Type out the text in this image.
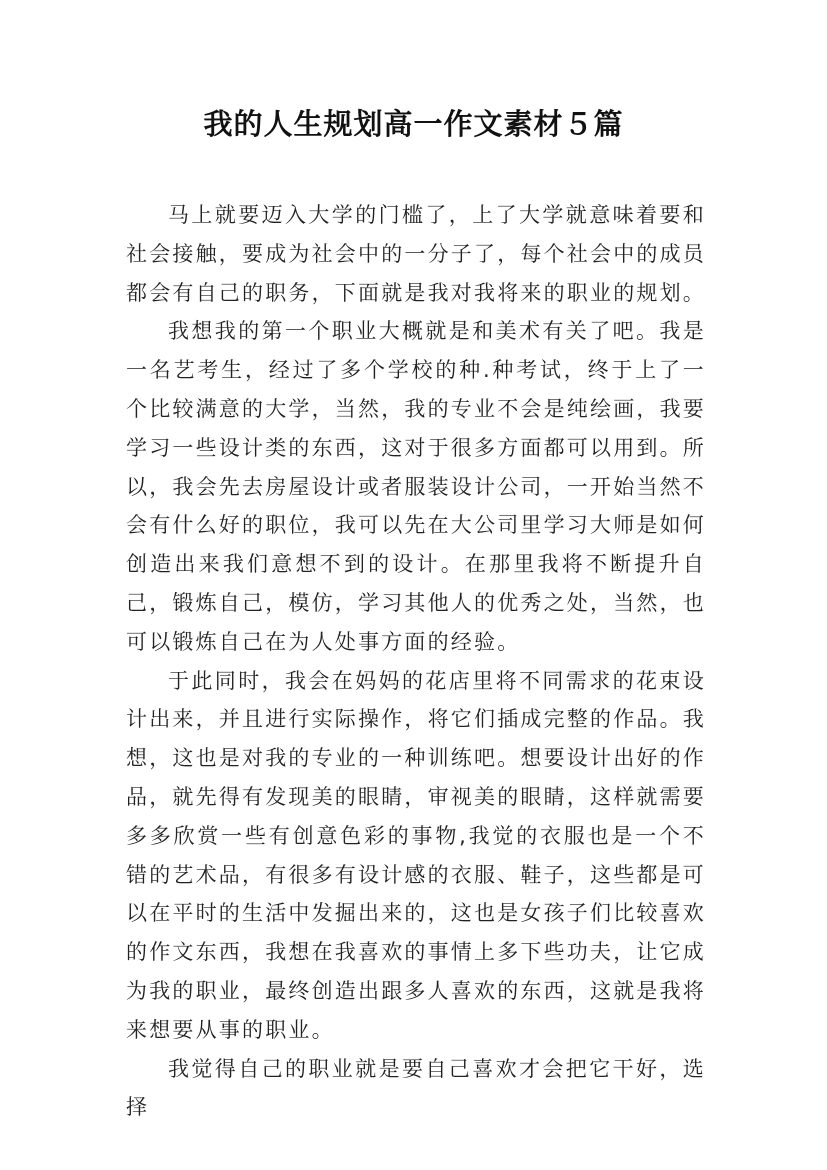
我的人生规划高一作文素材５篇

马上就要迈入大学的门槛了，上了大学就意味着要和社会接触，要成为社会中的一分子了，每个社会中的成员都会有自己的职务，下面就是我对我将来的职业的规划。

我想我的第一个职业大概就是和美术有关了吧。我是一名艺考生，经过了多个学校的种.种考试，终于上了一个比较满意的大学，当然，我的专业不会是纯绘画，我要学习一些设计类的东西，这对于很多方面都可以用到。所以，我会先去房屋设计或者服装设计公司，一开始当然不会有什么好的职位，我可以先在大公司里学习大师是如何创造出来我们意想不到的设计。在那里我将不断提升自己，锻炼自己，模仿，学习其他人的优秀之处，当然，也可以锻炼自己在为人处事方面的经验。

于此同时，我会在妈妈的花店里将不同需求的花束设计出来，并且进行实际操作，将它们插成完整的作品。我想，这也是对我的专业的一种训练吧。想要设计出好的作品，就先得有发现美的眼睛，审视美的眼睛，这样就需要多多欣赏一些有创意色彩的事物,我觉的衣服也是一个不错的艺术品，有很多有设计感的衣服、鞋子，这些都是可以在平时的生活中发掘出来的，这也是女孩子们比较喜欢的作文东西，我想在我喜欢的事情上多下些功夫，让它成为我的职业，最终创造出跟多人喜欢的东西，这就是我将来想要从事的职业。

我觉得自己的职业就是要自己喜欢才会把它干好，选择
